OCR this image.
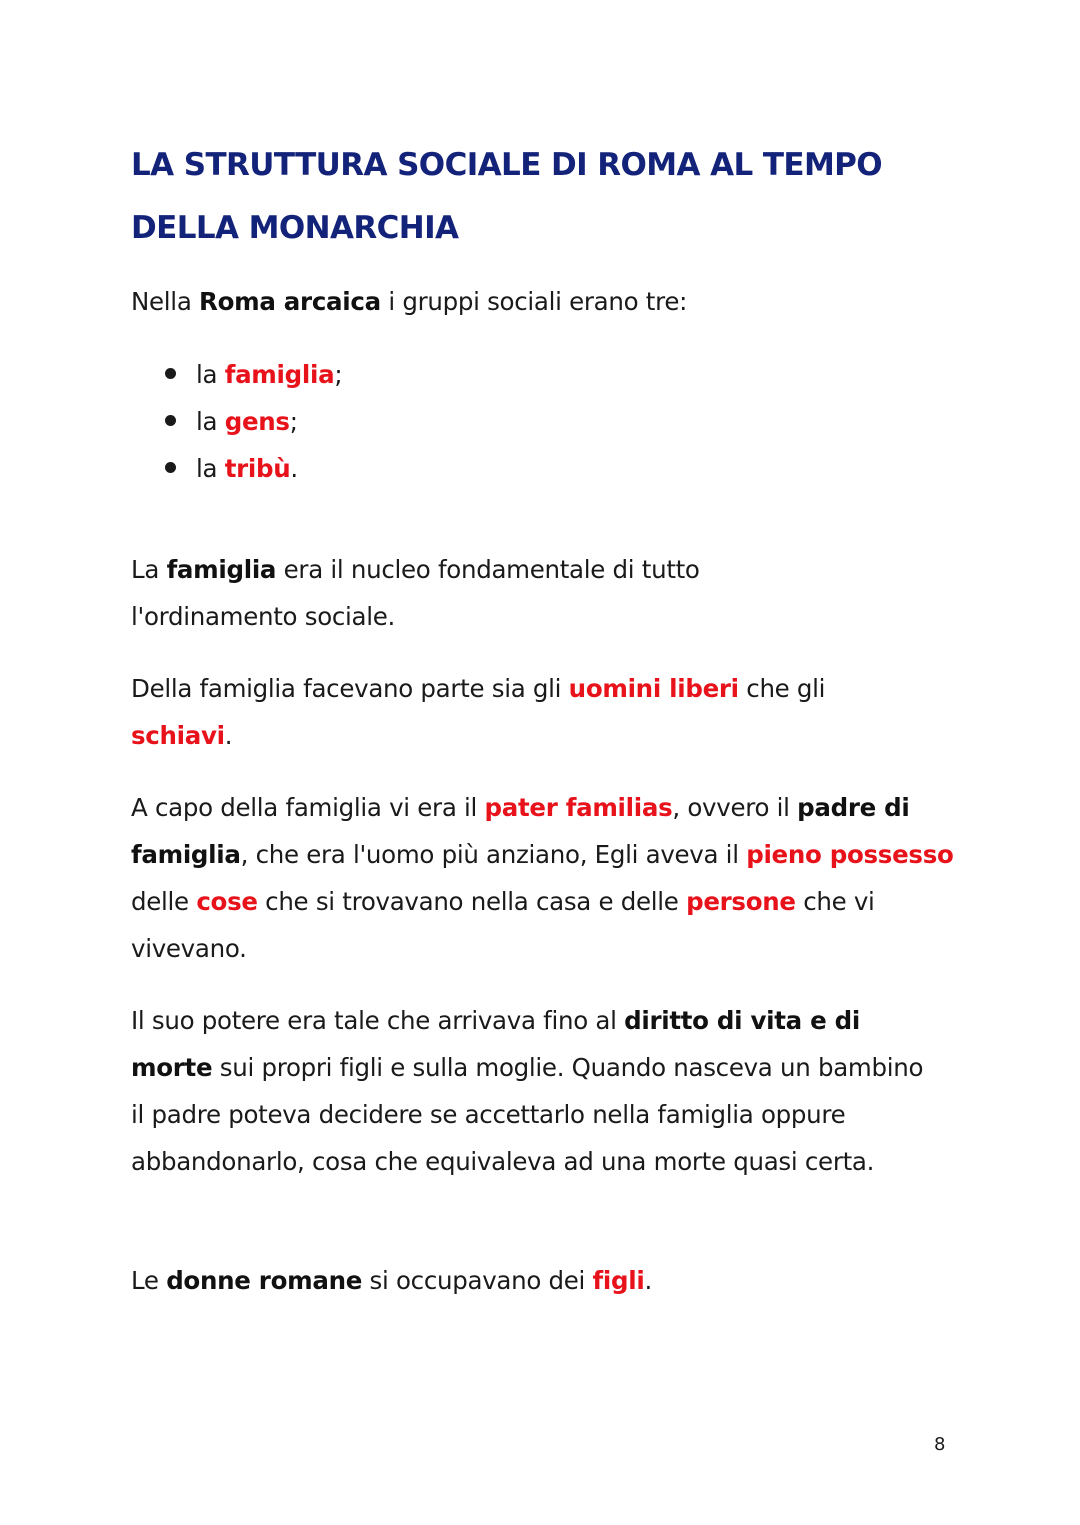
LA STRUTTURA SOCIALE DI ROMA AL TEMPO DELLA MONARCHIA

Nella Roma arcaica i gruppi sociali erano tre:

la famiglia;
la gens;
la tribù.

La famiglia era il nucleo fondamentale di tutto l'ordinamento sociale.

Della famiglia facevano parte sia gli uomini liberi che gli schiavi.

A capo della famiglia vi era il pater familias, ovvero il padre di famiglia, che era l'uomo più anziano, Egli aveva il pieno possesso delle cose che si trovavano nella casa e delle persone che vi vivevano.

Il suo potere era tale che arrivava fino al diritto di vita e di morte sui propri figli e sulla moglie. Quando nasceva un bambino il padre poteva decidere se accettarlo nella famiglia oppure abbandonarlo, cosa che equivaleva ad una morte quasi certa.

Le donne romane si occupavano dei figli.

8
